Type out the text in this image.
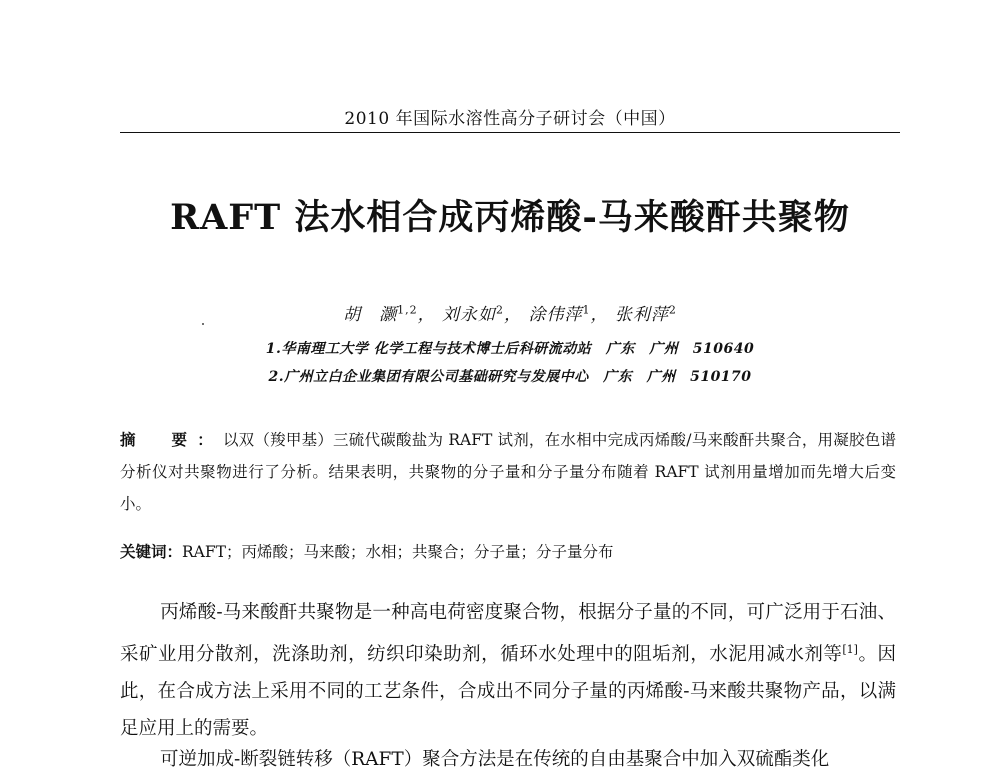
2010 年国际水溶性高分子研讨会（中国）
RAFT 法水相合成丙烯酸-马来酸酐共聚物
胡　灏$^{1,2}$， 刘永如$^2$， 涂伟萍$^1$， 张利萍$^2$
1.华南理工大学 化学工程与技术博士后科研流动站　广东　广州　510640
2.广州立白企业集团有限公司基础研究与发展中心　广东　广州　510170
摘　要：以双（羧甲基）三硫代碳酸盐为 RAFT 试剂，在水相中完成丙烯酸/马来酸酐共聚合，用凝胶色谱分析仪对共聚物进行了分析。结果表明，共聚物的分子量和分子量分布随着 RAFT 试剂用量增加而先增大后变小。
关键词：RAFT；丙烯酸；马来酸；水相；共聚合；分子量；分子量分布
丙烯酸-马来酸酐共聚物是一种高电荷密度聚合物，根据分子量的不同，可广泛用于石油、采矿业用分散剂，洗涤助剂，纺织印染助剂，循环水处理中的阻垢剂，水泥用减水剂等[1]。因此，在合成方法上采用不同的工艺条件，合成出不同分子量的丙烯酸-马来酸共聚物产品，以满足应用上的需要。
可逆加成-断裂链转移（RAFT）聚合方法是在传统的自由基聚合中加入双硫酯类化
